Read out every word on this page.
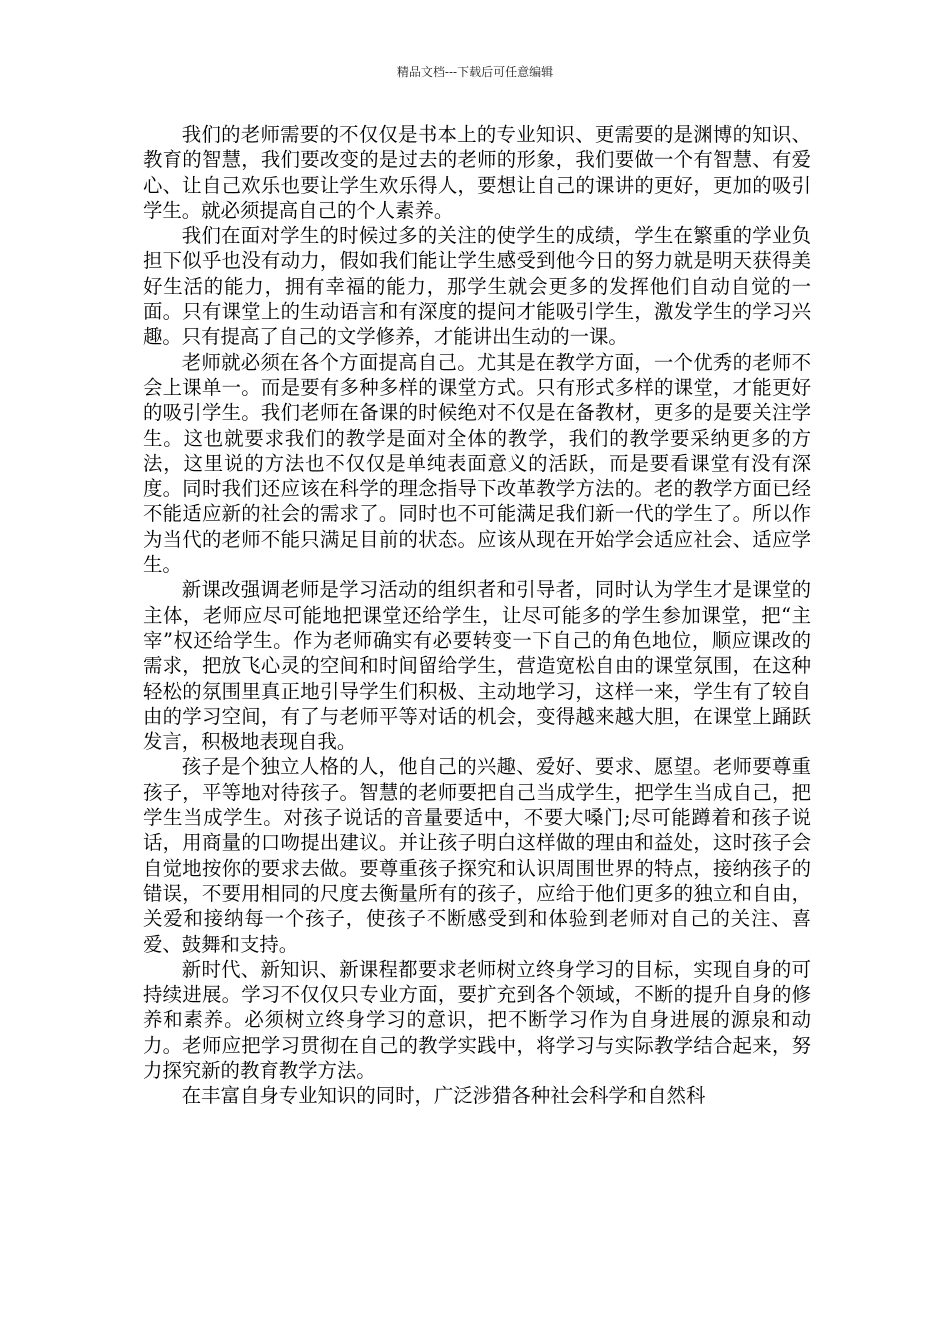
精品文档---下载后可任意编辑

我们的老师需要的不仅仅是书本上的专业知识、更需要的是渊博的知识、教育的智慧，我们要改变的是过去的老师的形象，我们要做一个有智慧、有爱心、让自己欢乐也要让学生欢乐得人，要想让自己的课讲的更好，更加的吸引学生。就必须提高自己的个人素养。

我们在面对学生的时候过多的关注的使学生的成绩，学生在繁重的学业负担下似乎也没有动力，假如我们能让学生感受到他今日的努力就是明天获得美好生活的能力，拥有幸福的能力，那学生就会更多的发挥他们自动自觉的一面。只有课堂上的生动语言和有深度的提问才能吸引学生，激发学生的学习兴趣。只有提高了自己的文学修养，才能讲出生动的一课。

老师就必须在各个方面提高自己。尤其是在教学方面，一个优秀的老师不会上课单一。而是要有多种多样的课堂方式。只有形式多样的课堂，才能更好的吸引学生。我们老师在备课的时候绝对不仅是在备教材，更多的是要关注学生。这也就要求我们的教学是面对全体的教学，我们的教学要采纳更多的方法，这里说的方法也不仅仅是单纯表面意义的活跃，而是要看课堂有没有深度。同时我们还应该在科学的理念指导下改革教学方法的。老的教学方面已经不能适应新的社会的需求了。同时也不可能满足我们新一代的学生了。所以作为当代的老师不能只满足目前的状态。应该从现在开始学会适应社会、适应学生。

新课改强调老师是学习活动的组织者和引导者，同时认为学生才是课堂的主体，老师应尽可能地把课堂还给学生，让尽可能多的学生参加课堂，把“主宰”权还给学生。作为老师确实有必要转变一下自己的角色地位，顺应课改的需求，把放飞心灵的空间和时间留给学生，营造宽松自由的课堂氛围，在这种轻松的氛围里真正地引导学生们积极、主动地学习，这样一来，学生有了较自由的学习空间，有了与老师平等对话的机会，变得越来越大胆，在课堂上踊跃发言，积极地表现自我。

孩子是个独立人格的人，他自己的兴趣、爱好、要求、愿望。老师要尊重孩子，平等地对待孩子。智慧的老师要把自己当成学生，把学生当成自己，把学生当成学生。对孩子说话的音量要适中，不要大嗓门;尽可能蹲着和孩子说话，用商量的口吻提出建议。并让孩子明白这样做的理由和益处，这时孩子会自觉地按你的要求去做。要尊重孩子探究和认识周围世界的特点，接纳孩子的错误，不要用相同的尺度去衡量所有的孩子，应给于他们更多的独立和自由，关爱和接纳每一个孩子，使孩子不断感受到和体验到老师对自己的关注、喜爱、鼓舞和支持。

新时代、新知识、新课程都要求老师树立终身学习的目标，实现自身的可持续进展。学习不仅仅只专业方面，要扩充到各个领域，不断的提升自身的修养和素养。必须树立终身学习的意识，把不断学习作为自身进展的源泉和动力。老师应把学习贯彻在自己的教学实践中，将学习与实际教学结合起来，努力探究新的教育教学方法。

在丰富自身专业知识的同时，广泛涉猎各种社会科学和自然科
